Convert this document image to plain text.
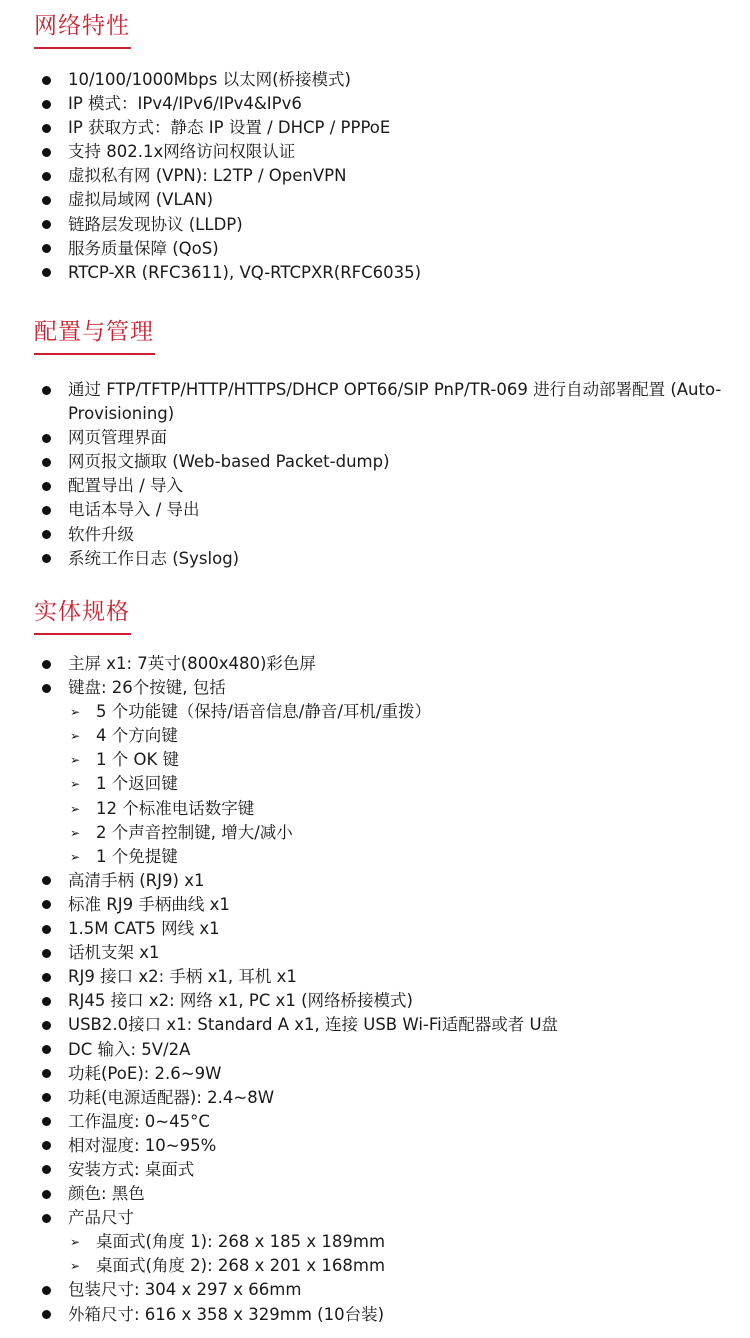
网络特性
10/100/1000Mbps 以太网(桥接模式)
IP 模式：IPv4/IPv6/IPv4&IPv6
IP 获取方式：静态 IP 设置 / DHCP / PPPoE
支持 802.1x网络访问权限认证
虚拟私有网 (VPN): L2TP / OpenVPN
虚拟局域网 (VLAN)
链路层发现协议 (LLDP)
服务质量保障 (QoS)
RTCP-XR (RFC3611), VQ-RTCPXR(RFC6035)
配置与管理
通过 FTP/TFTP/HTTP/HTTPS/DHCP OPT66/SIP PnP/TR-069 进行自动部署配置 (Auto-Provisioning)
网页管理界面
网页报文撷取 (Web-based Packet-dump)
配置导出 / 导入
电话本导入 / 导出
软件升级
系统工作日志 (Syslog)
实体规格
主屏 x1: 7英寸(800x480)彩色屏
键盘: 26个按键, 包括
➢ 5 个功能键（保持/语音信息/静音/耳机/重拨）
➢ 4 个方向键
➢ 1 个 OK 键
➢ 1 个返回键
➢ 12 个标准电话数字键
➢ 2 个声音控制键, 增大/减小
➢ 1 个免提键
高清手柄 (RJ9) x1
标准 RJ9 手柄曲线 x1
1.5M CAT5 网线 x1
话机支架 x1
RJ9 接口 x2: 手柄 x1, 耳机 x1
RJ45 接口 x2: 网络 x1, PC x1 (网络桥接模式)
USB2.0接口 x1: Standard A x1, 连接 USB Wi-Fi适配器或者 U盘
DC 输入: 5V/2A
功耗(PoE): 2.6~9W
功耗(电源适配器): 2.4~8W
工作温度: 0~45°C
相对湿度: 10~95%
安装方式: 桌面式
颜色: 黑色
产品尺寸
➢ 桌面式(角度 1): 268 x 185 x 189mm
➢ 桌面式(角度 2): 268 x 201 x 168mm
包装尺寸: 304 x 297 x 66mm
外箱尺寸: 616 x 358 x 329mm (10台装)
